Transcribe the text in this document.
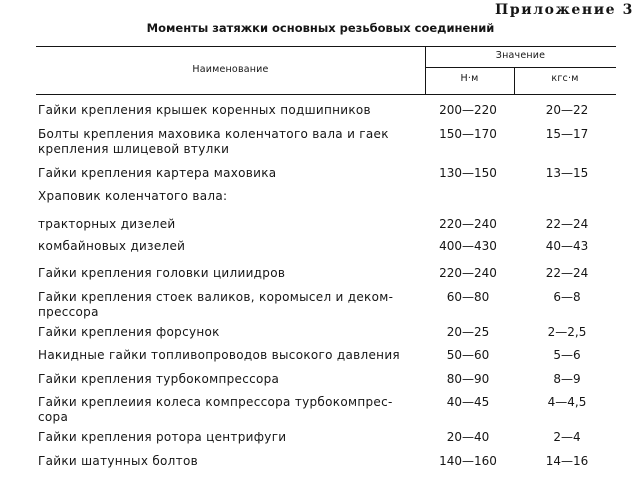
Приложение 3
Моменты затяжки основных резьбовых соединений
Наименование
Значение
Н·м	кгс·м
Гайки крепления крышек коренных подшипников	200—220	20—22
Болты крепления маховика коленчатого вала и гаек крепления шлицевой втулки
150—170	15—17
Гайки крепления картера маховика	130—150	13—15
Храповик коленчатого вала:
тракторных дизелей	220—240	22—24
комбайновых дизелей	400—430	40—43
Гайки крепления головки цилиидров	220—240	22—24
Гайки крепления стоек валиков, коромысел и деком-прессора
60—80	6—8
Гайки крепления форсунок	20—25	2—2,5
Накидные гайки топливопроводов высокого давления	50—60	5—6
Гайки крепления турбокомпрессора	80—90	8—9
Гайки креплеиия колеса компрессора турбокомпрес-сора
40—45	4—4,5
Гайки крепления ротора центрифуги	20—40	2—4
Гайки шатунных болтов	140—160	14—16
